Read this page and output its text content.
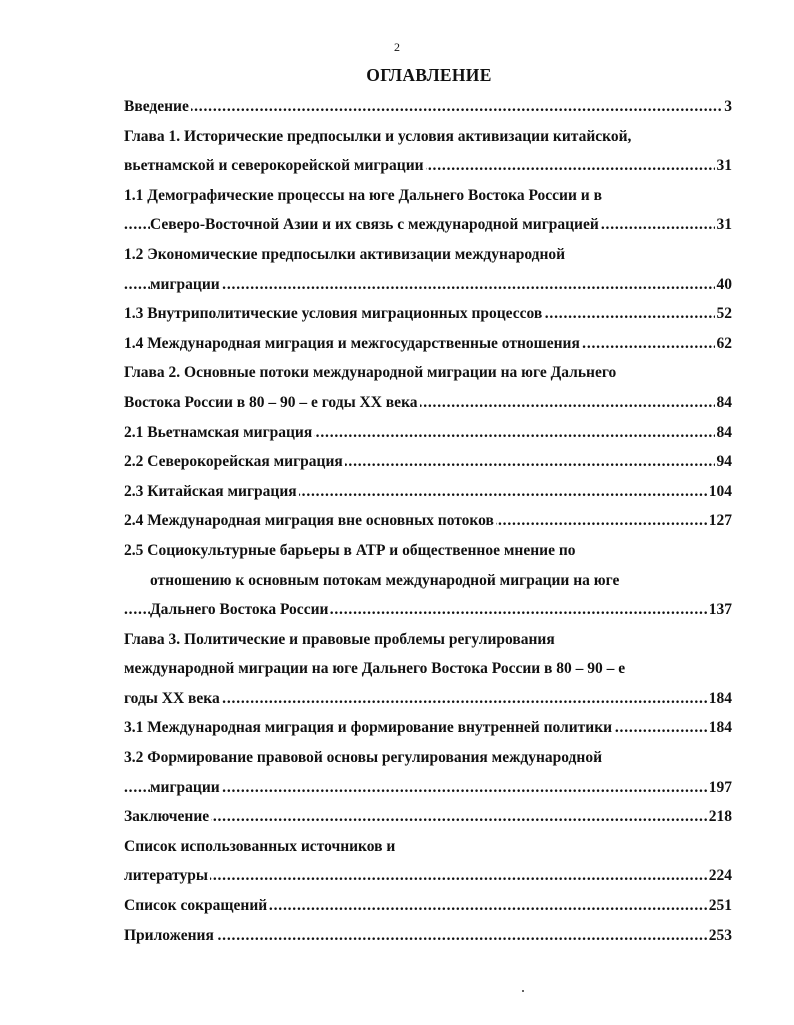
2
ОГЛАВЛЕНИЕ
.....
Введение	3
Глава 1. Исторические предпосылки и условия активизации китайской,
.....
вьетнамской и северокорейской миграции	31
1.1 Демографические процессы на юге Дальнего Востока России и в
.....
Северо-Восточной Азии и их связь с международной миграцией	31
1.2 Экономические предпосылки активизации международной
.....
миграции	40
.....
1.3 Внутриполитические условия миграционных процессов	52
.....
1.4 Международная миграция и межгосударственные отношения	62
Глава 2. Основные потоки международной миграции на юге Дальнего
.....
Востока России в 80 – 90 – е годы XX века	84
.....
2.1 Вьетнамская миграция	84
.....
2.2 Северокорейская миграция	94
.....
2.3 Китайская миграция	104
.....
2.4 Международная миграция вне основных потоков	127
2.5 Социокультурные барьеры в АТР и общественное мнение по
отношению к основным потокам международной миграции на юге
.....
Дальнего Востока России	137
Глава 3. Политические и правовые проблемы регулирования
международной миграции на юге Дальнего Востока России в 80 – 90 – е
.....
годы XX века	184
.....
3.1 Международная миграция и формирование внутренней политики	184
3.2 Формирование правовой основы регулирования международной
.....
миграции	197
.....
Заключение	218
Список использованных источников и
.....
литературы	224
.....
Список сокращений	251
.....
Приложения	253
